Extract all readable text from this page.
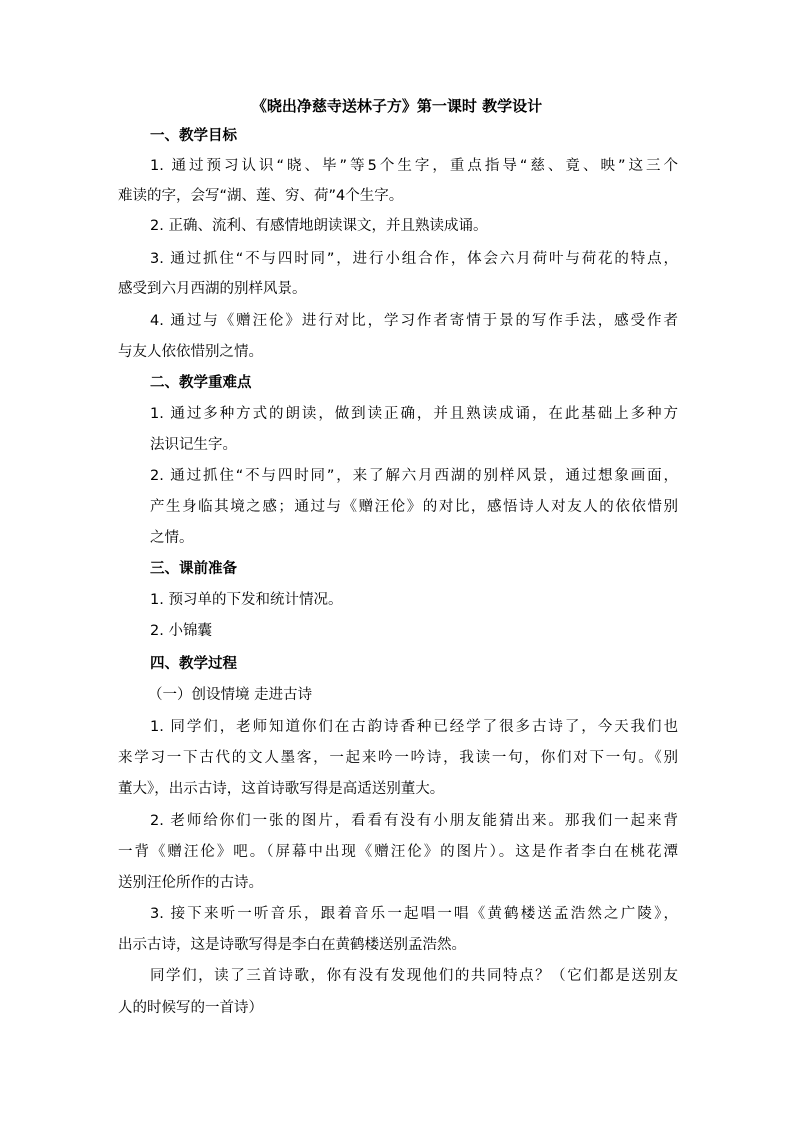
《晓出净慈寺送林子方》第一课时 教学设计
一、教学目标
1. 通过预习认识“晓、毕”等5个生字，重点指导“慈、竟、映”这三个
难读的字，会写“湖、莲、穷、荷”4个生字。
2. 正确、流利、有感情地朗读课文，并且熟读成诵。
3. 通过抓住“不与四时同”，进行小组合作，体会六月荷叶与荷花的特点，
感受到六月西湖的别样风景。
4. 通过与《赠汪伦》进行对比，学习作者寄情于景的写作手法，感受作者
与友人依依惜别之情。
二、教学重难点
1. 通过多种方式的朗读，做到读正确，并且熟读成诵，在此基础上多种方
法识记生字。
2. 通过抓住“不与四时同”，来了解六月西湖的别样风景，通过想象画面，
产生身临其境之感；通过与《赠汪伦》的对比，感悟诗人对友人的依依惜别
之情。
三、课前准备
1. 预习单的下发和统计情况。
2. 小锦囊
四、教学过程
（一）创设情境 走进古诗
1. 同学们，老师知道你们在古韵诗香种已经学了很多古诗了，今天我们也
来学习一下古代的文人墨客，一起来吟一吟诗，我读一句，你们对下一句。《别
董大》，出示古诗，这首诗歌写得是高适送别董大。
2. 老师给你们一张的图片，看看有没有小朋友能猜出来。那我们一起来背
一背《赠汪伦》吧。（屏幕中出现《赠汪伦》的图片）。这是作者李白在桃花潭
送别汪伦所作的古诗。
3. 接下来听一听音乐，跟着音乐一起唱一唱《黄鹤楼送孟浩然之广陵》，
出示古诗，这是诗歌写得是李白在黄鹤楼送别孟浩然。
同学们，读了三首诗歌，你有没有发现他们的共同特点？（它们都是送别友
人的时候写的一首诗）
